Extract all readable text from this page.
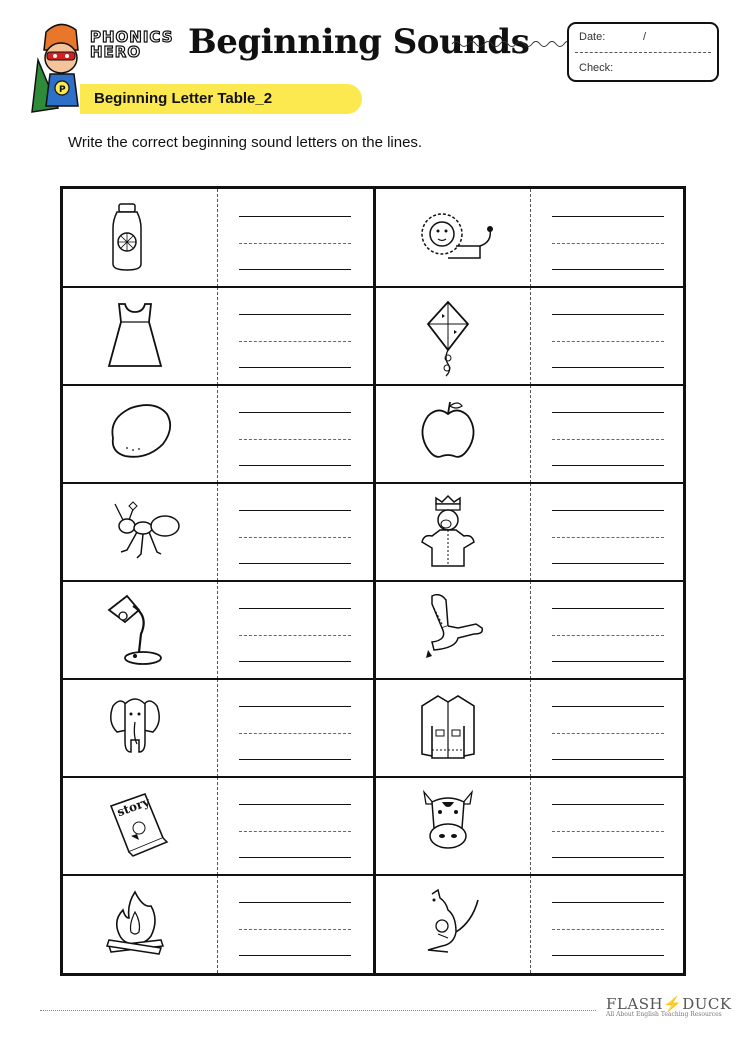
P
PHONICS
HERO	Beginning Sounds	Date:	/
Check:
Beginning Letter Table_2
Write the correct beginning sound letters on the lines.
story
FLASH⚡DUCK
All About English Teaching Resources
